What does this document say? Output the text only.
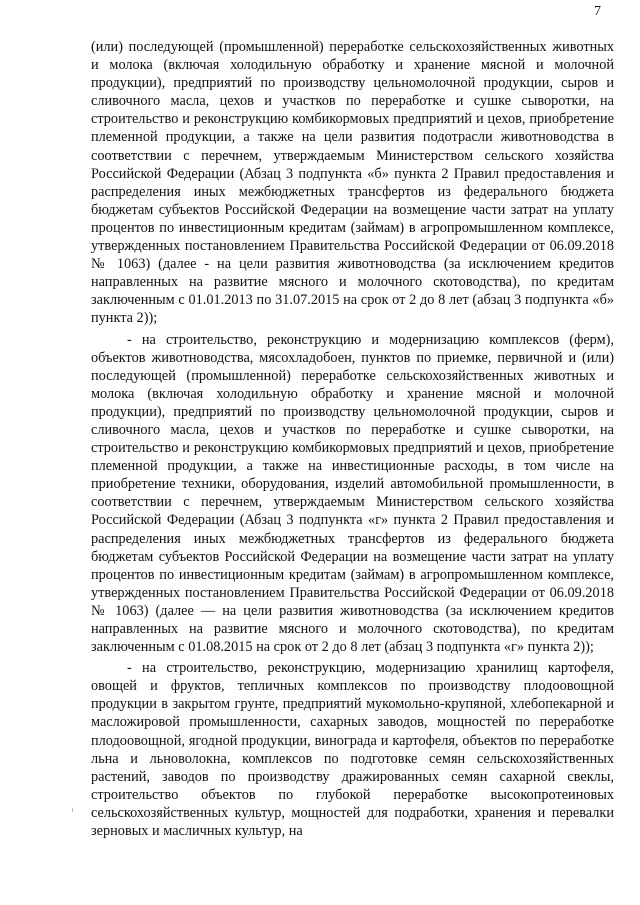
7

(или) последующей (промышленной) переработке сельскохозяйственных животных и молока (включая холодильную обработку и хранение мясной и молочной продукции), предприятий по производству цельномолочной продукции, сыров и сливочного масла, цехов и участков по переработке и сушке сыворотки, на строительство и реконструкцию комбикормовых предприятий и цехов, приобретение племенной продукции, а также на цели развития подотрасли животноводства в соответствии с перечнем, утверждаемым Министерством сельского хозяйства Российской Федерации (Абзац 3 подпункта «б» пункта 2 Правил предоставления и распределения иных межбюджетных трансфертов из федерального бюджета бюджетам субъектов Российской Федерации на возмещение части затрат на уплату процентов по инвестиционным кредитам (займам) в агропромышленном комплексе, утвержденных постановлением Правительства Российской Федерации от 06.09.2018 № 1063) (далее - на цели развития животноводства (за исключением кредитов направленных на развитие мясного и молочного скотоводства), по кредитам заключенным с 01.01.2013 по 31.07.2015 на срок от 2 до 8 лет (абзац 3 подпункта «б» пункта 2));

- на строительство, реконструкцию и модернизацию комплексов (ферм), объектов животноводства, мясохладобоен, пунктов по приемке, первичной и (или) последующей (промышленной) переработке сельскохозяйственных животных и молока (включая холодильную обработку и хранение мясной и молочной продукции), предприятий по производству цельномолочной продукции, сыров и сливочного масла, цехов и участков по переработке и сушке сыворотки, на строительство и реконструкцию комбикормовых предприятий и цехов, приобретение племенной продукции, а также на инвестиционные расходы, в том числе на приобретение техники, оборудования, изделий автомобильной промышленности, в соответствии с перечнем, утверждаемым Министерством сельского хозяйства Российской Федерации (Абзац 3 подпункта «г» пункта 2 Правил предоставления и распределения иных межбюджетных трансфертов из федерального бюджета бюджетам субъектов Российской Федерации на возмещение части затрат на уплату процентов по инвестиционным кредитам (займам) в агропромышленном комплексе, утвержденных постановлением Правительства Российской Федерации от 06.09.2018 № 1063) (далее — на цели развития животноводства (за исключением кредитов направленных на развитие мясного и молочного скотоводства), по кредитам заключенным с 01.08.2015 на срок от 2 до 8 лет (абзац 3 подпункта «г» пункта 2));

- на строительство, реконструкцию, модернизацию хранилищ картофеля, овощей и фруктов, тепличных комплексов по производству плодоовощной продукции в закрытом грунте, предприятий мукомольно-крупяной, хлебопекарной и масложировой промышленности, сахарных заводов, мощностей по переработке плодоовощной, ягодной продукции, винограда и картофеля, объектов по переработке льна и льноволокна, комплексов по подготовке семян сельскохозяйственных растений, заводов по производству дражированных семян сахарной свеклы, строительство объектов по глубокой переработке высокопротеиновых сельскохозяйственных культур, мощностей для подработки, хранения и перевалки зерновых и масличных культур, на
